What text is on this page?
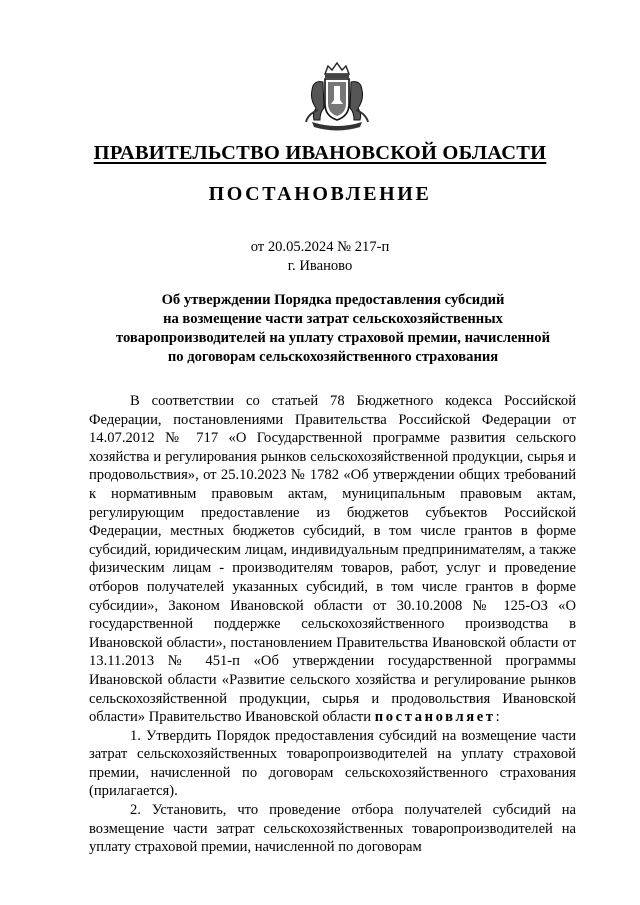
ПРАВИТЕЛЬСТВО ИВАНОВСКОЙ ОБЛАСТИ
ПОСТАНОВЛЕНИЕ
от 20.05.2024 № 217-п
г. Иваново
Об утверждении Порядка предоставления субсидий
на возмещение части затрат сельскохозяйственных
товаропроизводителей на уплату страховой премии, начисленной
по договорам сельскохозяйственного страхования

В соответствии со статьей 78 Бюджетного кодекса Российской Федерации, постановлениями Правительства Российской Федерации от 14.07.2012 № 717 «О Государственной программе развития сельского хозяйства и регулирования рынков сельскохозяйственной продукции, сырья и продовольствия», от 25.10.2023 № 1782 «Об утверждении общих требований к нормативным правовым актам, муниципальным правовым актам, регулирующим предоставление из бюджетов субъектов Российской Федерации, местных бюджетов субсидий, в том числе грантов в форме субсидий, юридическим лицам, индивидуальным предпринимателям, а также физическим лицам - производителям товаров, работ, услуг и проведение отборов получателей указанных субсидий, в том числе грантов в форме субсидии», Законом Ивановской области от 30.10.2008 № 125-ОЗ «О государственной поддержке сельскохозяйственного производства в Ивановской области», постановлением Правительства Ивановской области от 13.11.2013 № 451-п «Об утверждении государственной программы Ивановской области «Развитие сельского хозяйства и регулирование рынков сельскохозяйственной продукции, сырья и продовольствия Ивановской области» Правительство Ивановской области постановляет:

1. Утвердить Порядок предоставления субсидий на возмещение части затрат сельскохозяйственных товаропроизводителей на уплату страховой премии, начисленной по договорам сельскохозяйственного страхования (прилагается).

2. Установить, что проведение отбора получателей субсидий на возмещение части затрат сельскохозяйственных товаропроизводителей на уплату страховой премии, начисленной по договорам
